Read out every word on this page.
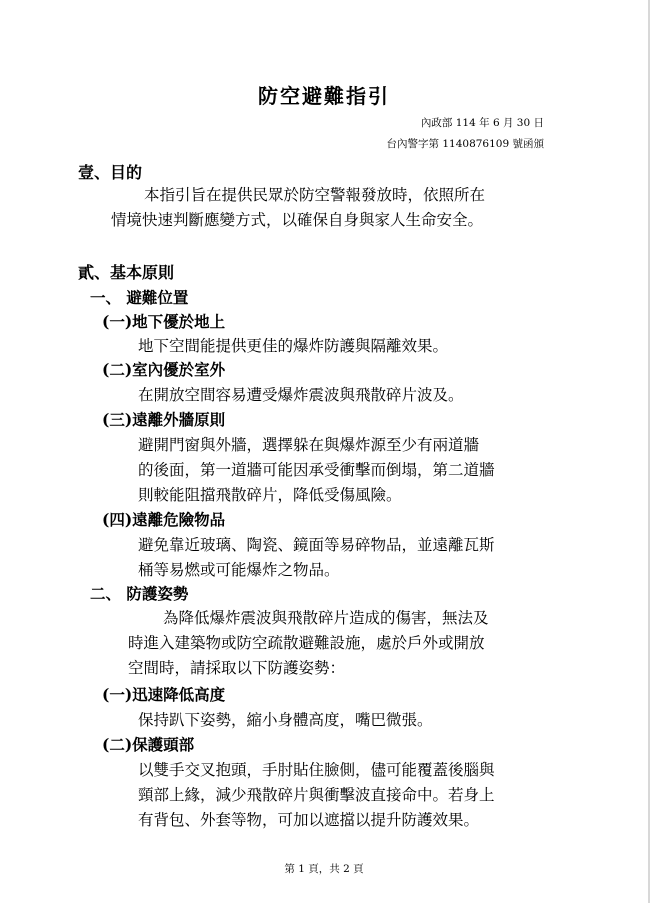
防空避難指引
內政部 114 年 6 月 30 日
台內警字第 1140876109 號函頒
壹、目的
本指引旨在提供民眾於防空警報發放時，依照所在
情境快速判斷應變方式，以確保自身與家人生命安全。
貳、基本原則
一、 避難位置
(一)地下優於地上
地下空間能提供更佳的爆炸防護與隔離效果。
(二)室內優於室外
在開放空間容易遭受爆炸震波與飛散碎片波及。
(三)遠離外牆原則
避開門窗與外牆，選擇躲在與爆炸源至少有兩道牆
的後面，第一道牆可能因承受衝擊而倒塌，第二道牆
則較能阻擋飛散碎片，降低受傷風險。
(四)遠離危險物品
避免靠近玻璃、陶瓷、鏡面等易碎物品，並遠離瓦斯
桶等易燃或可能爆炸之物品。
二、 防護姿勢
為降低爆炸震波與飛散碎片造成的傷害，無法及
時進入建築物或防空疏散避難設施，處於戶外或開放
空間時，請採取以下防護姿勢：
(一)迅速降低高度
保持趴下姿勢，縮小身體高度，嘴巴微張。
(二)保護頭部
以雙手交叉抱頭，手肘貼住臉側，儘可能覆蓋後腦與
頸部上緣，減少飛散碎片與衝擊波直接命中。若身上
有背包、外套等物，可加以遮擋以提升防護效果。
第 1 頁，共 2 頁
